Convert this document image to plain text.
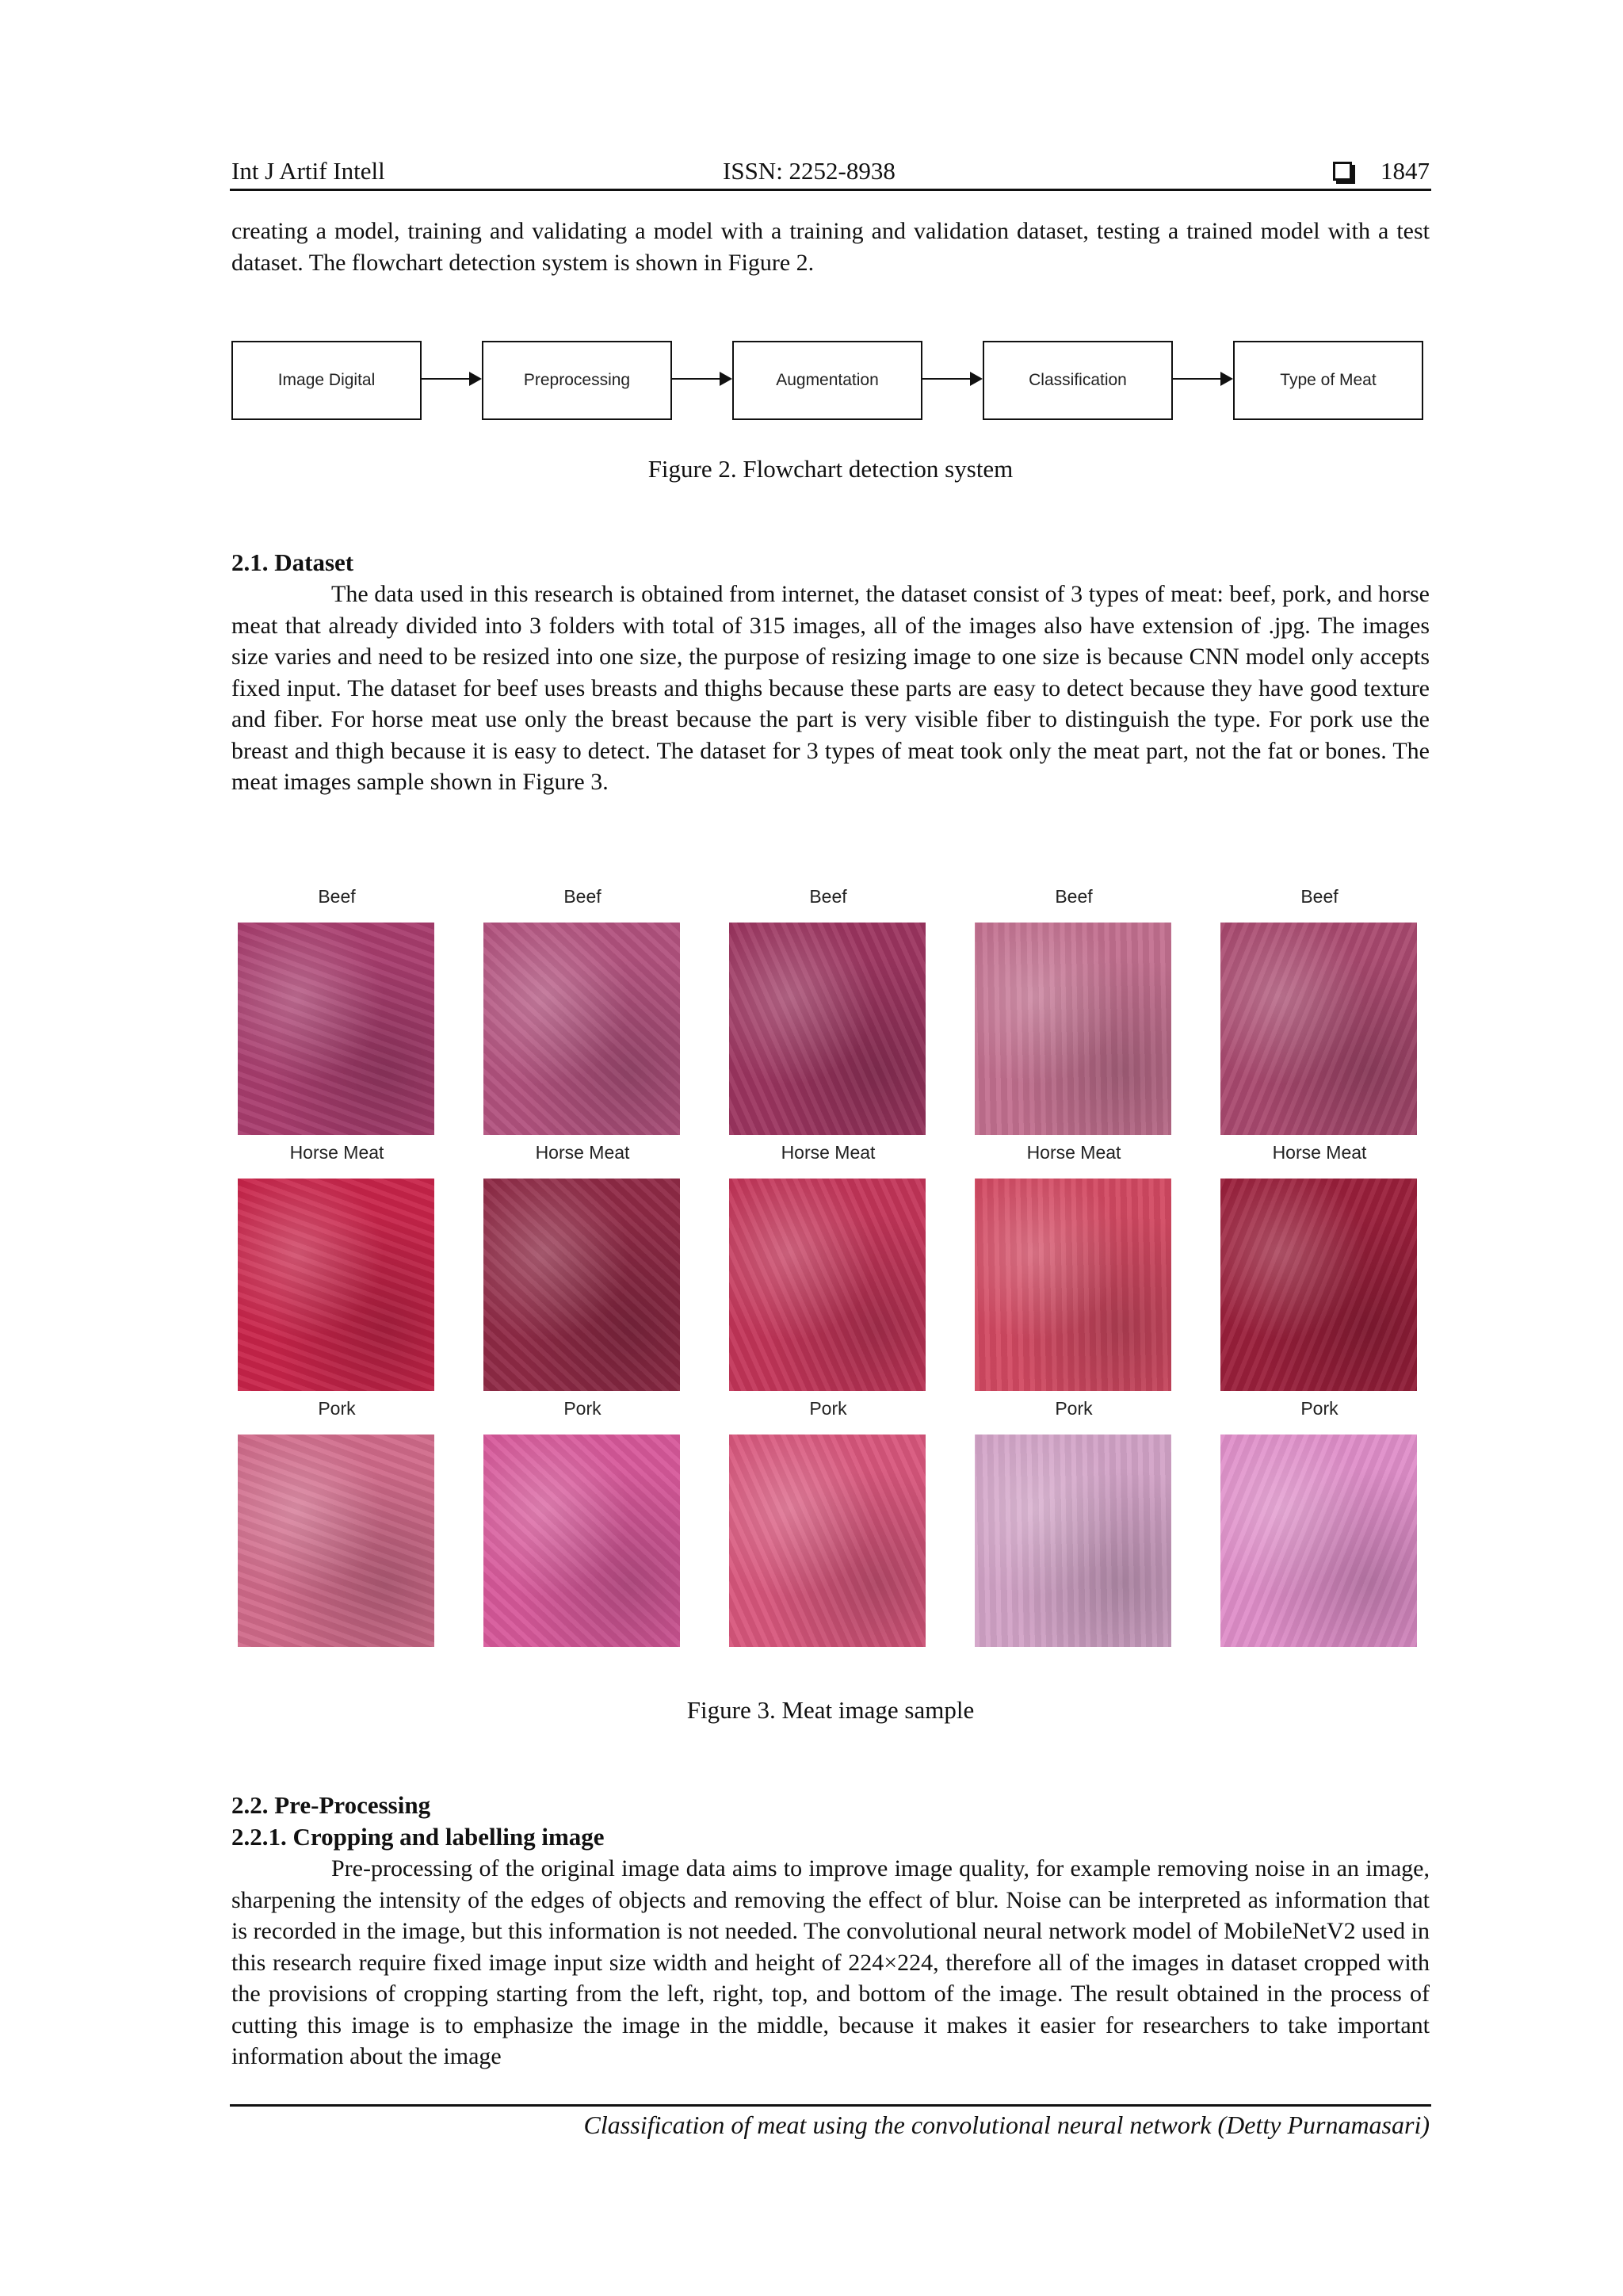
Int J Artif Intell	ISSN: 2252-8938	1847

creating a model, training and validating a model with a training and validation dataset, testing a trained model with a test dataset. The flowchart detection system is shown in Figure 2.

Image Digital	Preprocessing	Augmentation	Classification	Type of Meat
Figure 2. Flowchart detection system
2.1. Dataset

The data used in this research is obtained from internet, the dataset consist of 3 types of meat: beef, pork, and horse meat that already divided into 3 folders with total of 315 images, all of the images also have extension of .jpg. The images size varies and need to be resized into one size, the purpose of resizing image to one size is because CNN model only accepts fixed input. The dataset for beef uses breasts and thighs because these parts are easy to detect because they have good texture and fiber. For horse meat use only the breast because the part is very visible fiber to distinguish the type. For pork use the breast and thigh because it is easy to detect. The dataset for 3 types of meat took only the meat part, not the fat or bones. The meat images sample shown in Figure 3.

Beef	Beef	Beef	Beef	Beef
Horse Meat	Horse Meat	Horse Meat	Horse Meat	Horse Meat
Pork	Pork	Pork	Pork	Pork
Figure 3. Meat image sample
2.2. Pre-Processing
2.2.1. Cropping and labelling image

Pre-processing of the original image data aims to improve image quality, for example removing noise in an image, sharpening the intensity of the edges of objects and removing the effect of blur. Noise can be interpreted as information that is recorded in the image, but this information is not needed. The convolutional neural network model of MobileNetV2 used in this research require fixed image input size width and height of 224×224, therefore all of the images in dataset cropped with the provisions of cropping starting from the left, right, top, and bottom of the image. The result obtained in the process of cutting this image is to emphasize the image in the middle, because it makes it easier for researchers to take important information about the image

Classification of meat using the convolutional neural network (Detty Purnamasari)
